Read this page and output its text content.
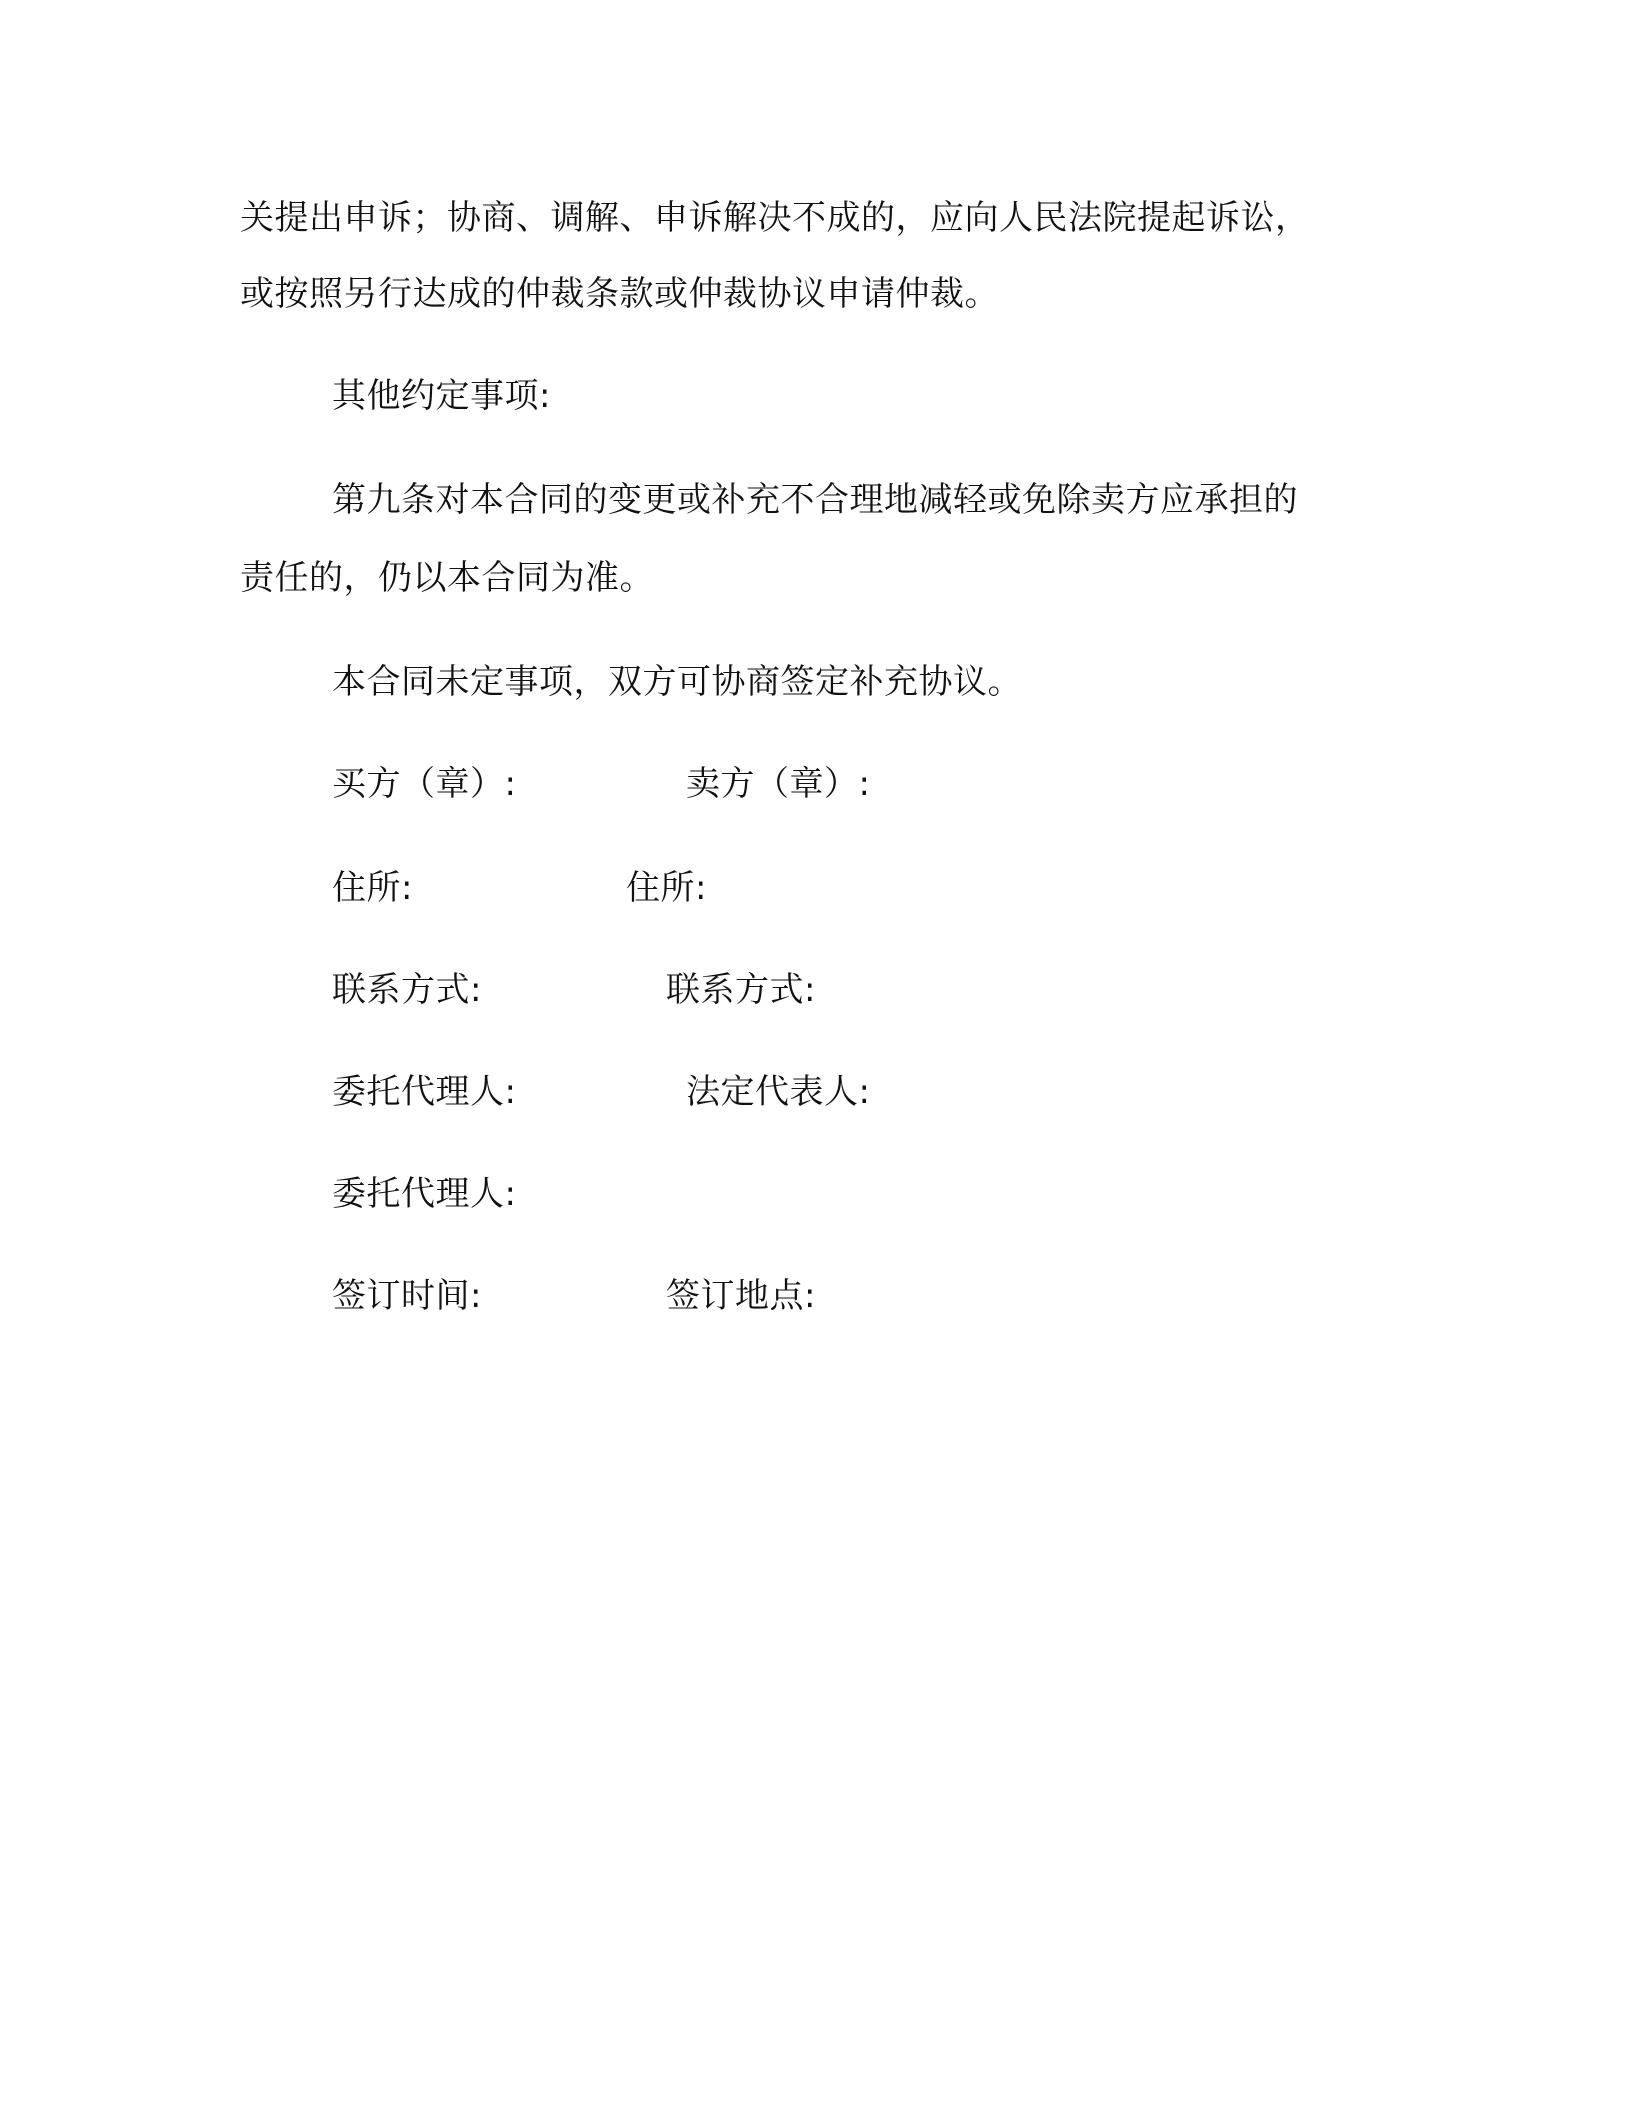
关提出申诉；协商、调解、申诉解决不成的，应向人民法院提起诉讼，
或按照另行达成的仲裁条款或仲裁协议申请仲裁。
其他约定事项:
第九条对本合同的变更或补充不合理地减轻或免除卖方应承担的
责任的，仍以本合同为准。
本合同未定事项，双方可协商签定补充协议。
买方（章）:	卖方（章）:
住所:	住所:
联系方式:	联系方式:
委托代理人:	法定代表人:
委托代理人:
签订时间:	签订地点:
